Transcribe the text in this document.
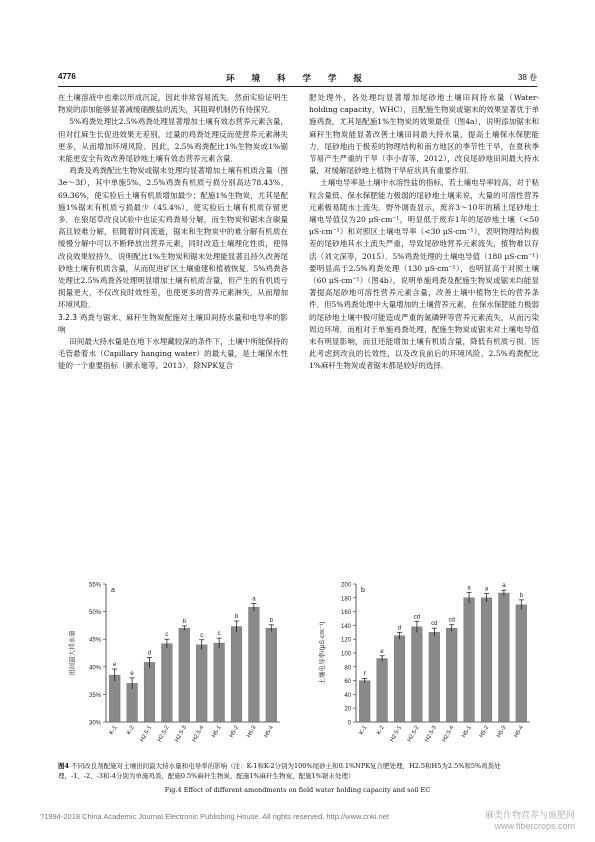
4776	环 境 科 学 学 报	38 卷

在土壤溶液中也难以形成沉淀，因此非常容易流失．然而实验证明生物炭的添加能够显著减缓硝酸盐的流失，其阻碍机制仍有待探究．

5%鸡粪处理比2.5%鸡粪处理显著增加土壤有效态营养元素含量，但对红麻生长促进效果无差别，过量的鸡粪处理反而使营养元素淋失更多，从而增加环境风险．因此，2.5%鸡粪配比1%生物炭或1%锯末能更安全有效改善尾砂地土壤有效态营养元素含量．

鸡粪及鸡粪配比生物炭或锯末处理均显著增加土壤有机质含量（图3e～3f），其中单施5%、2.5%鸡粪有机质亏损分别高达78.43%、69.36%，使实验后土壤有机质增加最少；配施1%生物炭，尤其是配施1%锯末有机质亏损最少（45.4%），使实验后土壤有机质存留更多．在狼尾草改良试验中也证实鸡粪易分解，而生物炭和锯末含碳量高且较难分解，但随着时间流逝，锯末和生物炭中的难分解有机质在缓慢分解中可以不断释放出营养元素，同时改造土壤理化性质，使得改良效果较持久．说明配比1%生物炭和锯末处理能显著且持久改善尾砂地土壤有机质含量，从而促进矿区土壤重建和植被恢复．5%鸡粪各处理比2.5%鸡粪各处理明显增加土壤有机质含量，但产生的有机质亏损量更大，不仅改良时效性差，也使更多的营养元素淋失，从而增加环境风险．

3.2.3 鸡粪与锯末、麻秆生物炭配施对土壤田间持水量和电导率的影响

田间最大持水量是在地下水埋藏较深的条件下，土壤中所能保持的毛管悬着水（Capillary hanging water）的最大量，是土壤保水性能的一个重要指标（颜永毫等，2013）．除NPK复合

肥处理外，各处理均显著增加尾砂地土壤田间持水量（Water-holding capacity，WHC），且配施生物炭或锯末的效果显著优于单施鸡粪，尤其是配施1%生物炭的效果最佳（图4a），说明添加锯末和麻秆生物炭能显著改善土壤田间最大持水量，提高土壤保水保肥能力．尾砂地由于极差的物理结构和南方地区的季节性干旱，在夏秋季节易产生严重的干旱（李小青等，2012），改良尾砂地田间最大持水量，对缓解尾砂地上植物干旱症状具有重要作用．

土壤电导率是土壤中水溶性盐的指标，若土壤电导率较高，对于粘粒含量低、保水保肥能力极弱的尾砂地土壤来说，大量的可溶性营养元素极易随水土流失．野外调查显示，废弃3～10年的稀土尾砂地土壤电导值仅为20 μS·cm⁻¹，明显低于废弃1年的尾砂地土壤（<50 μS·cm⁻¹）和对照区土壤电导率（<30 μS·cm⁻¹），表明物理结构极差的尾砂地其水土流失严重，导致尾砂地营养元素流失，植物难以存活（刘文深等，2015）．5%鸡粪处理的土壤电导值（180 μS·cm⁻¹）要明显高于2.5%鸡粪处理（130 μS·cm⁻¹），也明显高于对照土壤（60 μS·cm⁻¹）（图4b），说明单施鸡粪及配施生物炭或锯末均能显著提高尾砂地可溶性营养元素含量，改善土壤中植物生长的营养条件．但5%鸡粪处理中大量增加的土壤营养元素，在保水保肥能力极弱的尾砂地土壤中极可能造成严重的氮磷钾等营养元素流失，从而污染周边环境．而相对于单施鸡粪处理，配施生物炭或锯末对土壤电导值未有明显影响，而且还能增加土壤有机质含量，降低有机质亏损．因此考虑到改良的长效性，以及改良前后的环境风险，2.5%鸡粪配比1%麻秆生物炭或者锯末都是较好的选择．

30%
35%
40%
45%
50%
55%
a
田间最大持水量	e
K-1
e
K-2
d
H2.5-1
c
H2.5-2
b
H2.5-3
c
H2.5-4
c
H5-1
b
H5-2
a
H5-3
b
H5-4
0
20
40
60
80
100
120
140
160
180
200
b
土壤电导率/(μS·cm⁻¹)	f
K-1
e
K-2
d
H2.5-1
cd
H2.5-2
cd
H2.5-3
cd
H2.5-4
a
H5-1
a
H5-2
a
H5-3
b
H5-4
图4 不同改良剂配施对土壤田间最大持水量和电导率的影响（注：K-1和K-2分别为100%尾砂土和0.1%NPK复合肥处理，H2.5和H5为2.5%和5%鸡粪处理，-1、-2、-3和-4分别为单施鸡粪、配施0.5%麻秆生物炭、配施1%麻秆生物炭、配施1%锯末处理）
Fig.4 Effect of different amendments on field water holding capacity and soil EC
?1994-2018 China Academic Journal Electronic Publishing House. All rights reserved. http://www.cnki.net	麻类作物营养与施肥网
www.fibercrops.com
